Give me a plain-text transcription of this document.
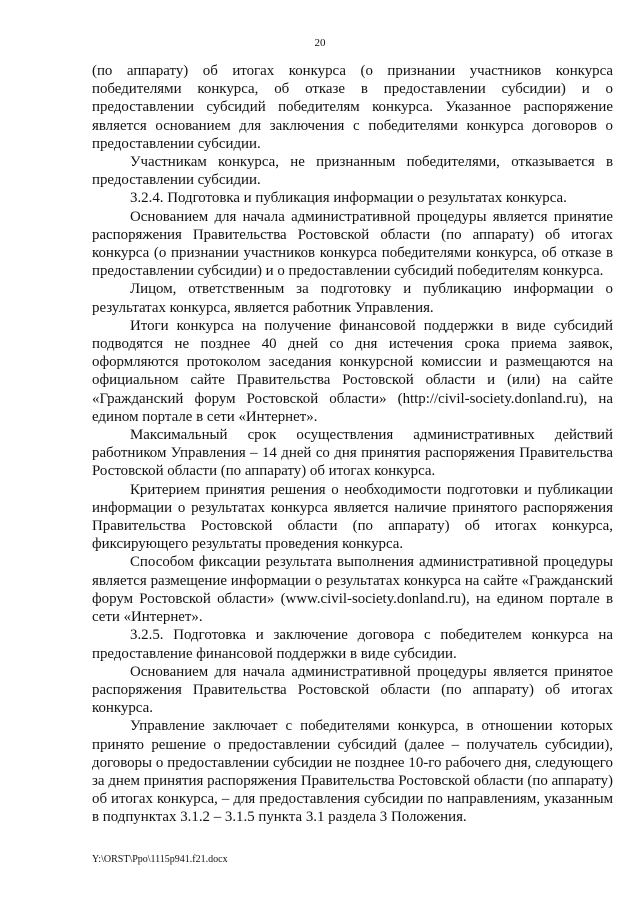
20

(по аппарату) об итогах конкурса (о признании участников конкурса победителями конкурса, об отказе в предоставлении субсидии) и о предоставлении субсидий победителям конкурса. Указанное распоряжение является основанием для заключения с победителями конкурса договоров о предоставлении субсидии.

Участникам конкурса, не признанным победителями, отказывается в предоставлении субсидии.

3.2.4. Подготовка и публикация информации о результатах конкурса.

Основанием для начала административной процедуры является принятие распоряжения Правительства Ростовской области (по аппарату) об итогах конкурса (о признании участников конкурса победителями конкурса, об отказе в предоставлении субсидии) и о предоставлении субсидий победителям конкурса.

Лицом, ответственным за подготовку и публикацию информации о результатах конкурса, является работник Управления.

Итоги конкурса на получение финансовой поддержки в виде субсидий подводятся не позднее 40 дней со дня истечения срока приема заявок, оформляются протоколом заседания конкурсной комиссии и размещаются на официальном сайте Правительства Ростовской области и (или) на сайте «Гражданский форум Ростовской области» (http://civil-society.donland.ru), на едином портале в сети «Интернет».

Максимальный срок осуществления административных действий работником Управления – 14 дней со дня принятия распоряжения Правительства Ростовской области (по аппарату) об итогах конкурса.

Критерием принятия решения о необходимости подготовки и публикации информации о результатах конкурса является наличие принятого распоряжения Правительства Ростовской области (по аппарату) об итогах конкурса, фиксирующего результаты проведения конкурса.

Способом фиксации результата выполнения административной процедуры является размещение информации о результатах конкурса на сайте «Гражданский форум Ростовской области» (www.civil-society.donland.ru), на едином портале в сети «Интернет».

3.2.5. Подготовка и заключение договора с победителем конкурса на предоставление финансовой поддержки в виде субсидии.

Основанием для начала административной процедуры является принятое распоряжения Правительства Ростовской области (по аппарату) об итогах конкурса.

Управление заключает с победителями конкурса, в отношении которых принято решение о предоставлении субсидий (далее – получатель субсидии), договоры о предоставлении субсидии не позднее 10-го рабочего дня, следующего за днем принятия распоряжения Правительства Ростовской области (по аппарату) об итогах конкурса, – для предоставления субсидии по направлениям, указанным в подпунктах 3.1.2 – 3.1.5 пункта 3.1 раздела 3 Положения.

Y:\ORST\Ppo\1115p941.f21.docx
